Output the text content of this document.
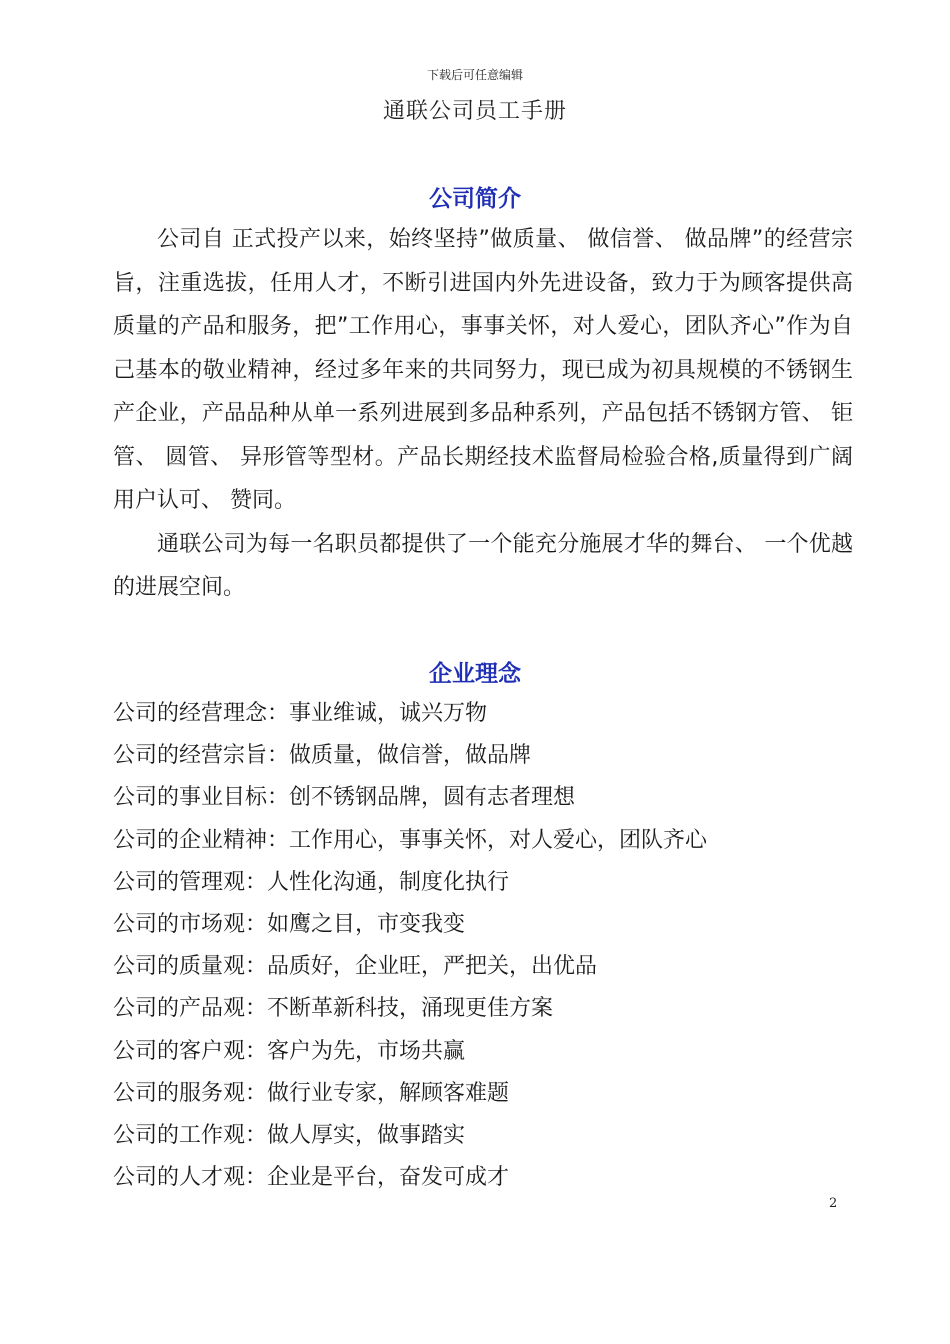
下载后可任意编辑
通联公司员工手册
公司简介

公司自 正式投产以来，始终坚持”做质量、 做信誉、 做品牌”的经营宗旨，注重选拔，任用人才，不断引进国内外先进设备，致力于为顾客提供高质量的产品和服务，把”工作用心，事事关怀，对人爱心，团队齐心”作为自己基本的敬业精神，经过多年来的共同努力，现已成为初具规模的不锈钢生产企业，产品品种从单一系列进展到多品种系列，产品包括不锈钢方管、 钜管、 圆管、 异形管等型材。产品长期经技术监督局检验合格,质量得到广阔用户认可、 赞同。

通联公司为每一名职员都提供了一个能充分施展才华的舞台、 一个优越的进展空间。

企业理念
公司的经营理念：事业维诚，诚兴万物
公司的经营宗旨：做质量，做信誉，做品牌
公司的事业目标：创不锈钢品牌，圆有志者理想
公司的企业精神：工作用心，事事关怀，对人爱心，团队齐心
公司的管理观：人性化沟通，制度化执行
公司的市场观：如鹰之目，市变我变
公司的质量观：品质好，企业旺，严把关，出优品
公司的产品观：不断革新科技，涌现更佳方案
公司的客户观：客户为先，市场共赢
公司的服务观：做行业专家，解顾客难题
公司的工作观：做人厚实，做事踏实
公司的人才观：企业是平台，奋发可成才
2
